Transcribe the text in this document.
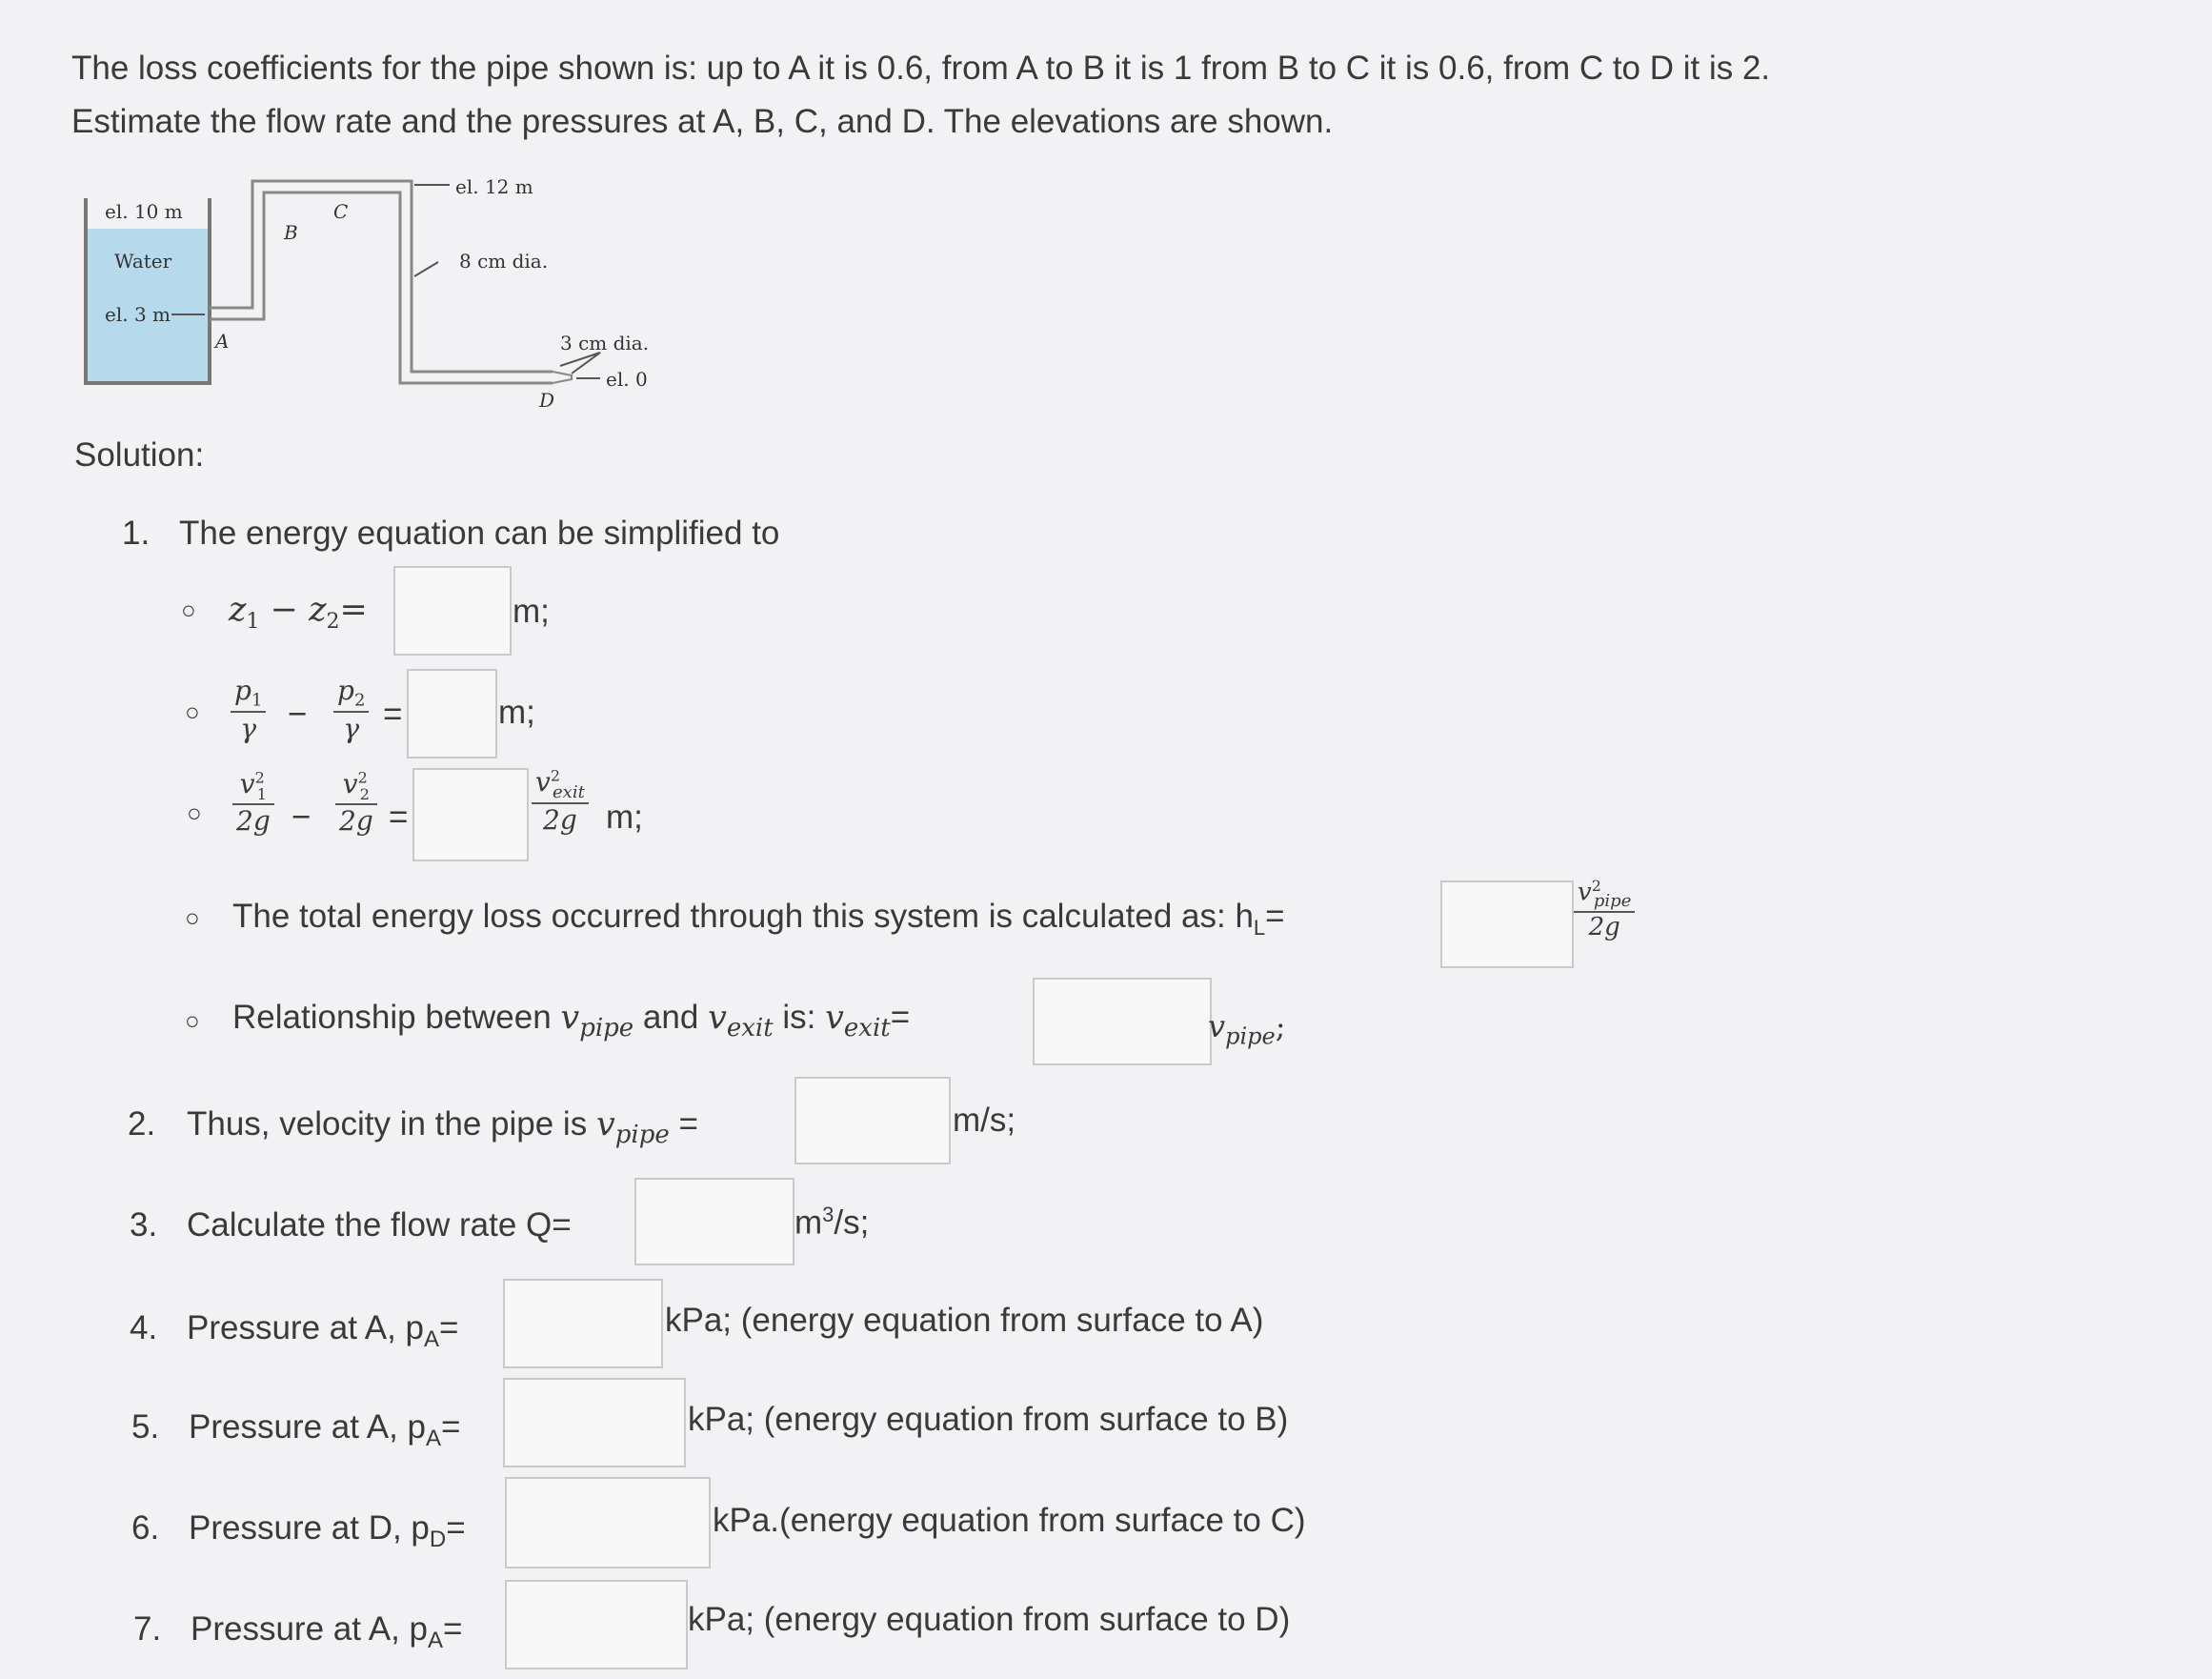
The loss coefficients for the pipe shown is: up to A it is 0.6, from A to B it is 1 from B to C it is 0.6, from C to D it is 2.
Estimate the flow rate and the pressures at A, B, C, and D. The elevations are shown.
el. 10 m
Water
el. 3 m
el. 12 m
8 cm dia.
3 cm dia.
el. 0
A
B
C
D
Solution:
1. The energy equation can be simplified to
○ $z_1 - z_2=$	m;
○ $\frac{p_1}{\gamma} - \frac{p_2}{\gamma}$ =	m;
○ $\frac{v^2_1}{2g} - \frac{v^2_2}{2g}$ =
$v^2_{exit}$
2g m;
○ The total energy loss occurred through this system is calculated as: $h_L=$
$v^2_{pipe}$
2g
○ Relationship between $v_{pipe}$ and $v_{exit}$ is: $v_{exit}=$	$v_{pipe}$;
2. Thus, velocity in the pipe is $v_{pipe}$ =	m/s;
3. Calculate the flow rate Q=	$m^3/s$;
4. Pressure at A, $p_A=$	kPa; (energy equation from surface to A)
5. Pressure at A, $p_A=$	kPa; (energy equation from surface to B)
6. Pressure at D, $p_D=$	kPa.(energy equation from surface to C)
7. Pressure at A, $p_A=$	kPa; (energy equation from surface to D)
